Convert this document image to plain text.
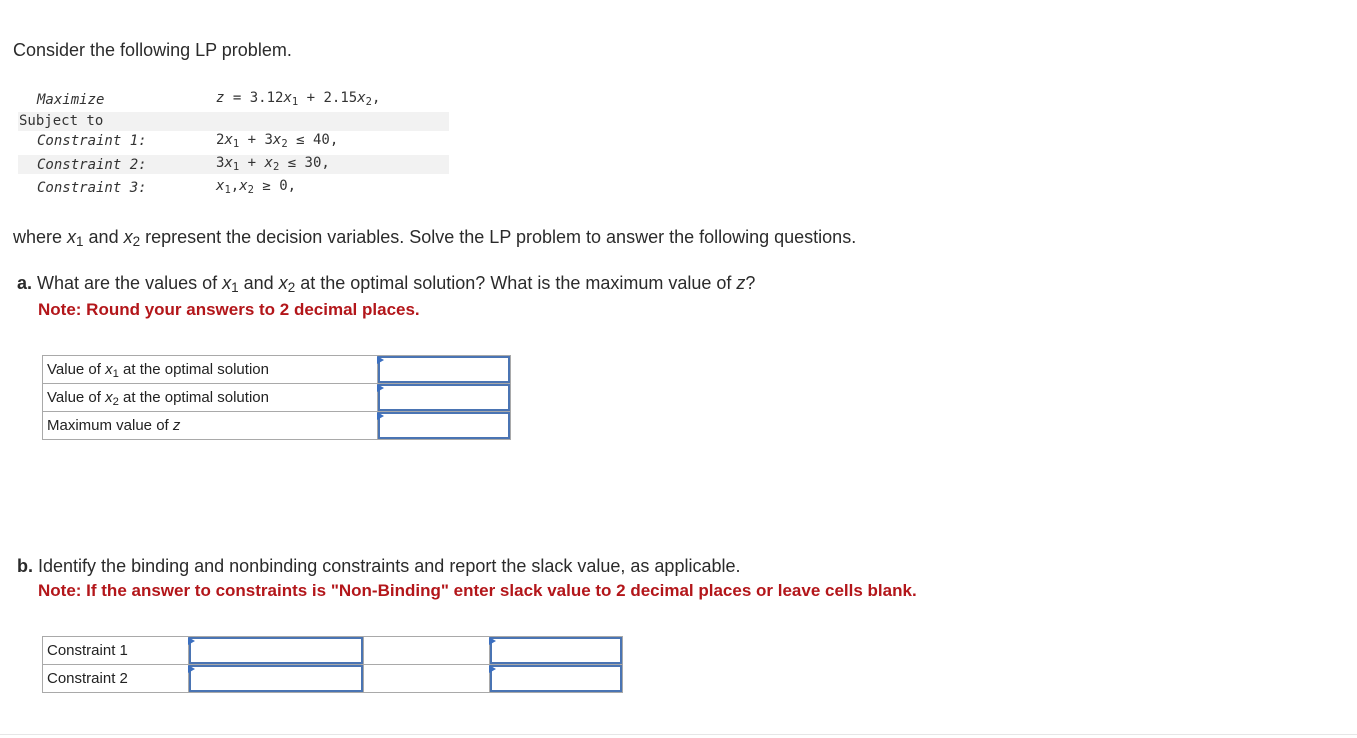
Consider the following LP problem.
Maximize	$z = 3.12x_1 + 2.15x_2$,
Subject to
Constraint 1:	$2x_1 + 3x_2 \le 40$,
Constraint 2:	$3x_1 + x_2 \le 30$,
Constraint 3:	$x_1,x_2 \ge 0$,
where $x_1$ and $x_2$ represent the decision variables. Solve the LP problem to answer the following questions.
a. What are the values of $x_1$ and $x_2$ at the optimal solution? What is the maximum value of z?
Note: Round your answers to 2 decimal places.
Value of $x_1$ at the optimal solution	

Value of $x_2$ at the optimal solution	

Maximum value of z	
b. Identify the binding and nonbinding constraints and report the slack value, as applicable.
Note: If the answer to constraints is "Non-Binding" enter slack value to 2 decimal places or leave cells blank.
Constraint 1	

Constraint 2	
